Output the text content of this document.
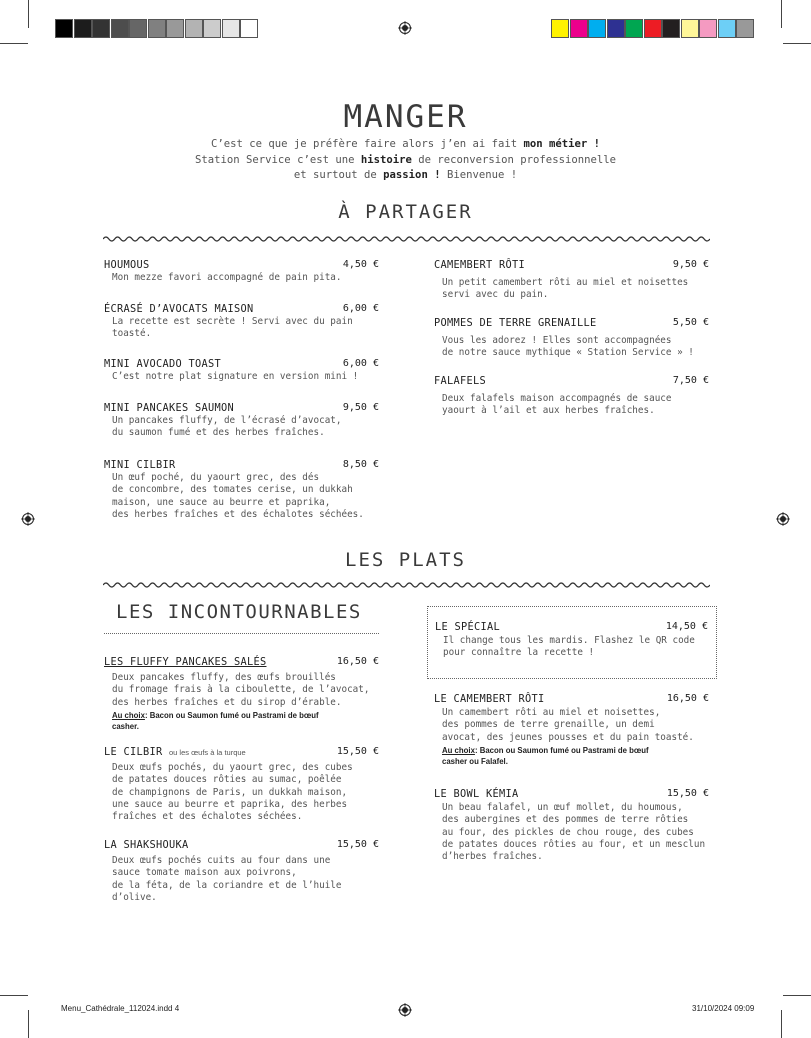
MANGER
C’est ce que je préfère faire alors j’en ai fait mon métier !
Station Service c’est une histoire de reconversion professionnelle
et surtout de passion ! Bienvenue !
À PARTAGER
HOUMOUS	4,50 €
Mon mezze favori accompagné de pain pita.
ÉCRASÉ D’AVOCATS MAISON	6,00 €
La recette est secrète ! Servi avec du pain
toasté.
MINI AVOCADO TOAST	6,00 €
C’est notre plat signature en version mini !
MINI PANCAKES SAUMON	9,50 €
Un pancakes fluffy, de l’écrasé d’avocat,
du saumon fumé et des herbes fraîches.
MINI CILBIR	8,50 €
Un œuf poché, du yaourt grec, des dés
de concombre, des tomates cerise, un dukkah
maison, une sauce au beurre et paprika,
des herbes fraîches et des échalotes séchées.
CAMEMBERT RÔTI	9,50 €
Un petit camembert rôti au miel et noisettes
servi avec du pain.
POMMES DE TERRE GRENAILLE	5,50 €
Vous les adorez ! Elles sont accompagnées
de notre sauce mythique « Station Service » !
FALAFELS	7,50 €
Deux falafels maison accompagnés de sauce
yaourt à l’ail et aux herbes fraîches.
LES PLATS
LES INCONTOURNABLES
LES FLUFFY PANCAKES SALÉS	16,50 €
Deux pancakes fluffy, des œufs brouillés
du fromage frais à la ciboulette, de l’avocat,
des herbes fraîches et du sirop d’érable.
Au choix: Bacon ou Saumon fumé ou Pastrami de bœuf
casher.
LE CILBIR ou les œufs à la turque	15,50 €
Deux œufs pochés, du yaourt grec, des cubes
de patates douces rôties au sumac, poêlée
de champignons de Paris, un dukkah maison,
une sauce au beurre et paprika, des herbes
fraîches et des échalotes séchées.
LA SHAKSHOUKA	15,50 €
Deux œufs pochés cuits au four dans une
sauce tomate maison aux poivrons,
de la féta, de la coriandre et de l’huile
d’olive.
LE SPÉCIAL	14,50 €
Il change tous les mardis. Flashez le QR code
pour connaître la recette !
LE CAMEMBERT RÔTI	16,50 €
Un camembert rôti au miel et noisettes,
des pommes de terre grenaille, un demi
avocat, des jeunes pousses et du pain toasté.
Au choix: Bacon ou Saumon fumé ou Pastrami de bœuf
casher ou Falafel.
LE BOWL KÉMIA	15,50 €
Un beau falafel, un œuf mollet, du houmous,
des aubergines et des pommes de terre rôties
au four, des pickles de chou rouge, des cubes
de patates douces rôties au four, et un mesclun
d’herbes fraîches.
Menu_Cathédrale_112024.indd 4	31/10/2024 09:09
